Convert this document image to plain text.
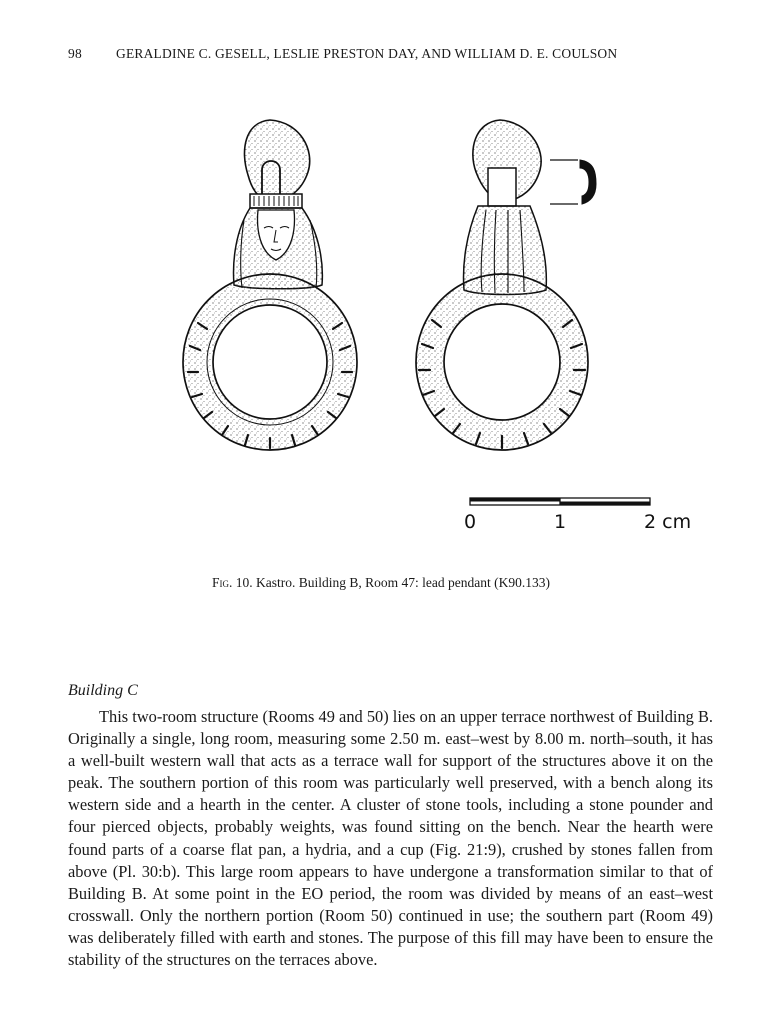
98	GERALDINE C. GESELL, LESLIE PRESTON DAY, AND WILLIAM D. E. COULSON
0	1	2 cm
Fig. 10. Kastro. Building B, Room 47: lead pendant (K90.133)
Building C

This two-room structure (Rooms 49 and 50) lies on an upper terrace northwest of Building B. Originally a single, long room, measuring some 2.50 m. east–west by 8.00 m. north–south, it has a well-built western wall that acts as a terrace wall for support of the structures above it on the peak. The southern portion of this room was particularly well preserved, with a bench along its western side and a hearth in the center. A cluster of stone tools, including a stone pounder and four pierced objects, probably weights, was found sitting on the bench. Near the hearth were found parts of a coarse flat pan, a hydria, and a cup (Fig. 21:9), crushed by stones fallen from above (Pl. 30:b). This large room appears to have undergone a transformation similar to that of Building B. At some point in the EO period, the room was divided by means of an east–west crosswall. Only the northern portion (Room 50) continued in use; the southern part (Room 49) was deliberately filled with earth and stones. The purpose of this fill may have been to ensure the stability of the structures on the terraces above.
